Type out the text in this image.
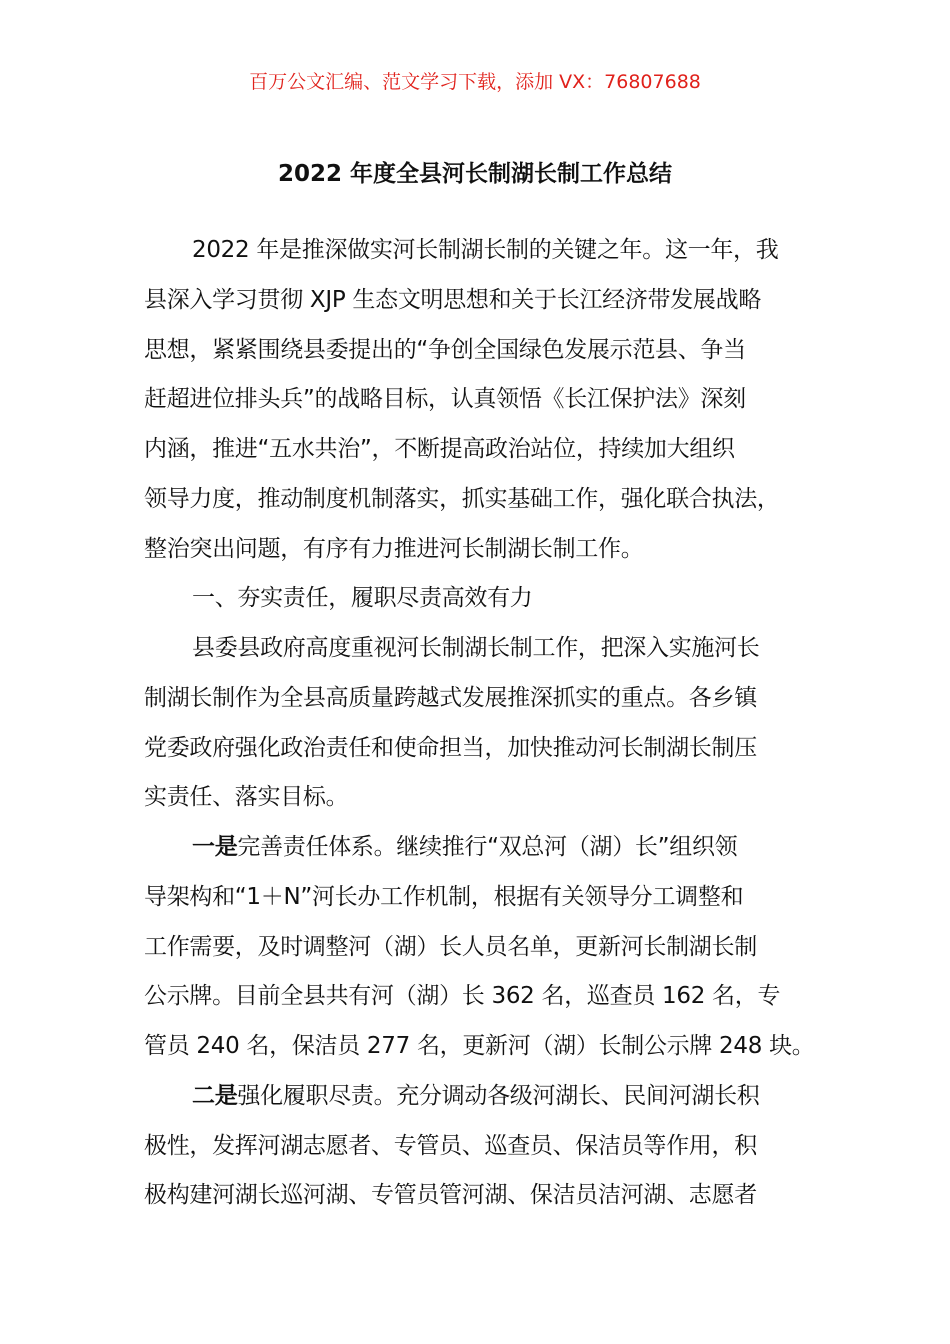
百万公文汇编、范文学习下载，添加 VX：76807688
2022 年度全县河长制湖长制工作总结
2022 年是推深做实河长制湖长制的关键之年。这一年，我
县深入学习贯彻 XJP 生态文明思想和关于长江经济带发展战略
思想，紧紧围绕县委提出的“争创全国绿色发展示范县、争当
赶超进位排头兵”的战略目标，认真领悟《长江保护法》深刻
内涵，推进“五水共治”，不断提高政治站位，持续加大组织
领导力度，推动制度机制落实，抓实基础工作，强化联合执法，
整治突出问题，有序有力推进河长制湖长制工作。
一、夯实责任，履职尽责高效有力
县委县政府高度重视河长制湖长制工作，把深入实施河长
制湖长制作为全县高质量跨越式发展推深抓实的重点。各乡镇
党委政府强化政治责任和使命担当，加快推动河长制湖长制压
实责任、落实目标。
一是完善责任体系。继续推行“双总河（湖）长”组织领
导架构和“1＋N”河长办工作机制，根据有关领导分工调整和
工作需要，及时调整河（湖）长人员名单，更新河长制湖长制
公示牌。目前全县共有河（湖）长 362 名，巡查员 162 名，专
管员 240 名，保洁员 277 名，更新河（湖）长制公示牌 248 块。
二是强化履职尽责。充分调动各级河湖长、民间河湖长积
极性，发挥河湖志愿者、专管员、巡查员、保洁员等作用，积
极构建河湖长巡河湖、专管员管河湖、保洁员洁河湖、志愿者
